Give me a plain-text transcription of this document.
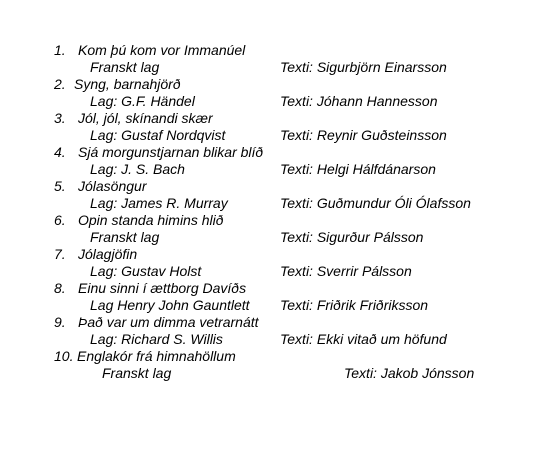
1. Kom þú kom vor Immanúel
Franskt lag	Texti: Sigurbjörn Einarsson
2. Syng, barnahjörð
Lag: G.F. Händel	Texti: Jóhann Hannesson
3. Jól, jól, skínandi skær
Lag: Gustaf Nordqvist	Texti: Reynir Guðsteinsson
4. Sjá morgunstjarnan blikar blíð
Lag: J. S. Bach	Texti: Helgi Hálfdánarson
5. Jólasöngur
Lag: James R. Murray	Texti: Guðmundur Óli Ólafsson
6. Opin standa himins hlið
Franskt lag	Texti: Sigurður Pálsson
7. Jólagjöfin
Lag: Gustav Holst	Texti: Sverrir Pálsson
8. Einu sinni í ættborg Davíðs
Lag Henry John Gauntlett Texti: Friðrik Friðriksson
9. Það var um dimma vetrarnátt
Lag: Richard S. Willis	Texti: Ekki vitað um höfund
10. Englakór frá himnahöllum
Franskt lag	Texti: Jakob Jónsson
